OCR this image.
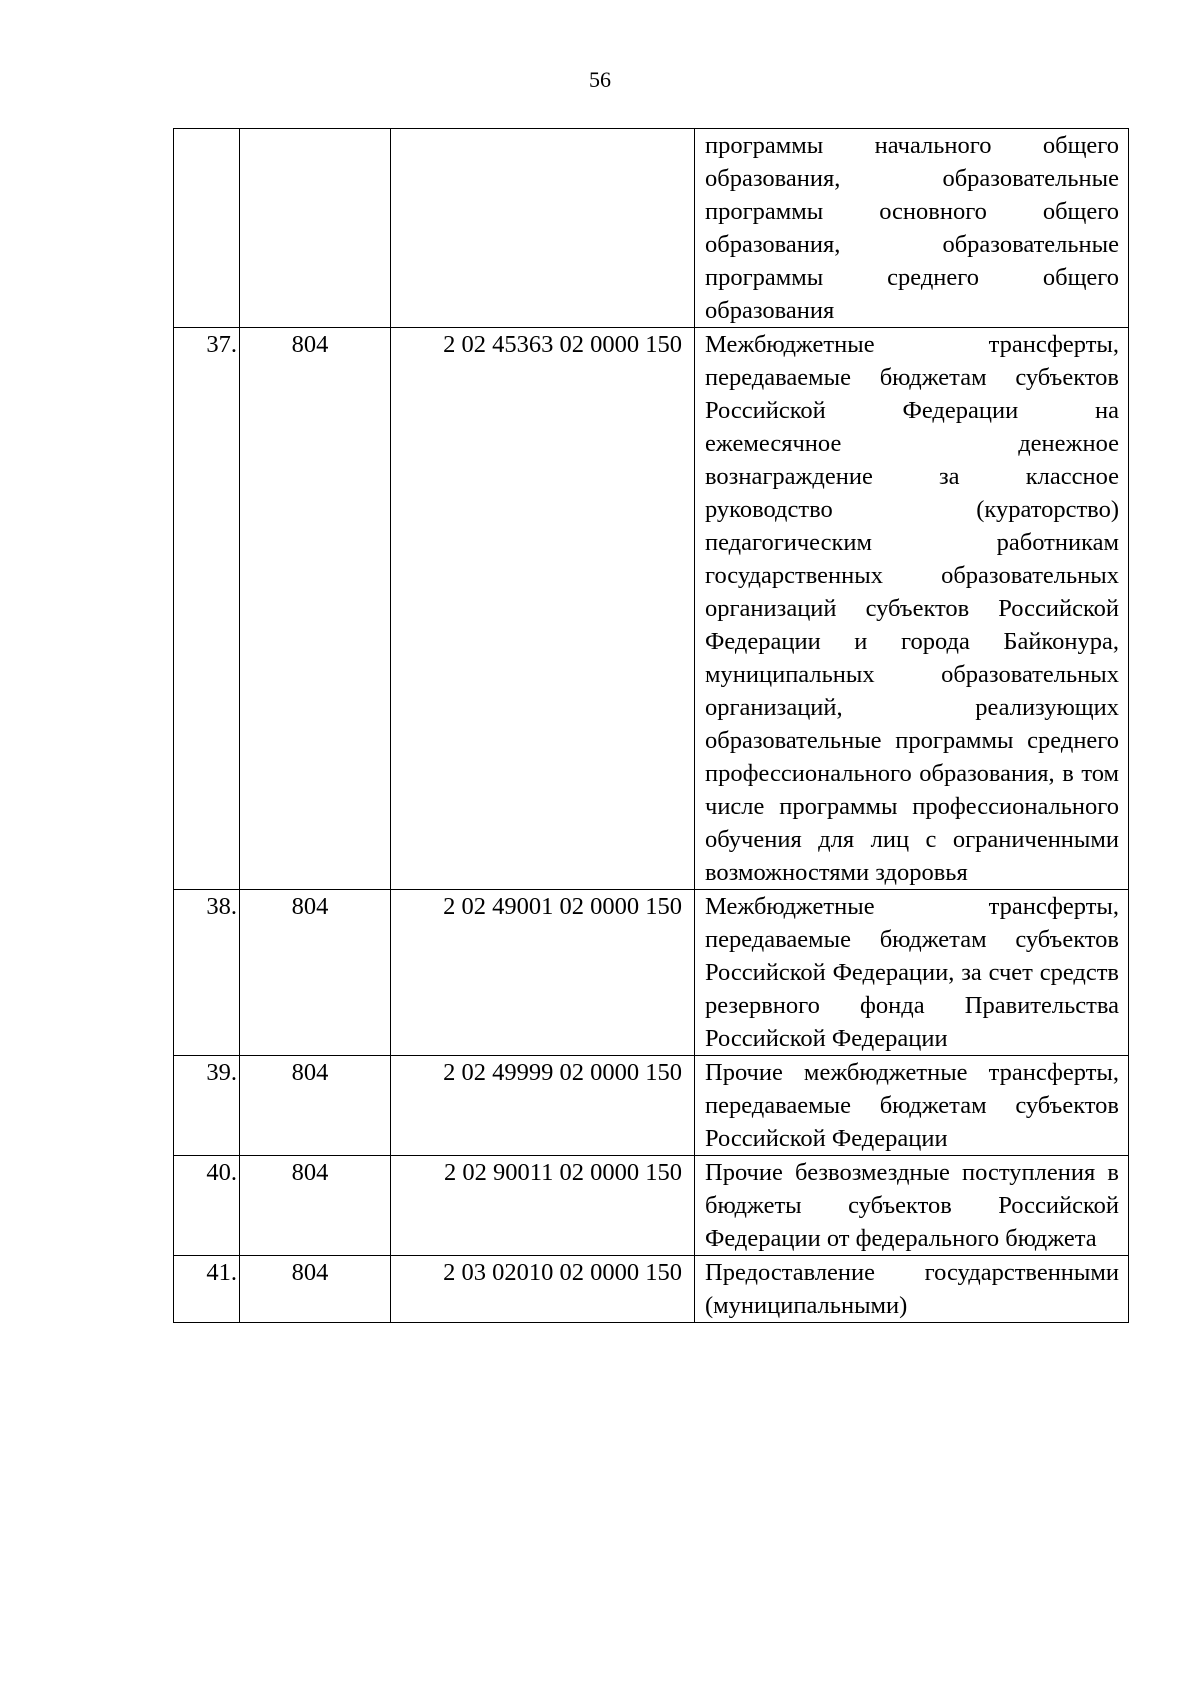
56
			программы начального общего образования, образовательные программы основного общего образования, образовательные программы среднего общего образования
37.	804	2 02 45363 02 0000 150	Межбюджетные трансферты, передаваемые бюджетам субъектов Российской Федерации на ежемесячное денежное вознаграждение за классное руководство (кураторство) педагогическим работникам государственных образовательных организаций субъектов Российской Федерации и города Байконура, муниципальных образовательных организаций, реализующих образовательные программы среднего профессионального образования, в том числе программы профессионального обучения для лиц с ограниченными возможностями здоровья
38.	804	2 02 49001 02 0000 150	Межбюджетные трансферты, передаваемые бюджетам субъектов Российской Федерации, за счет средств резервного фонда Правительства Российской Федерации
39.	804	2 02 49999 02 0000 150	Прочие межбюджетные трансферты, передаваемые бюджетам субъектов Российской Федерации
40.	804	2 02 90011 02 0000 150	Прочие безвозмездные поступления в бюджеты субъектов Российской Федерации от федерального бюджета
41.	804	2 03 02010 02 0000 150	Предоставление государственными (муниципальными)
